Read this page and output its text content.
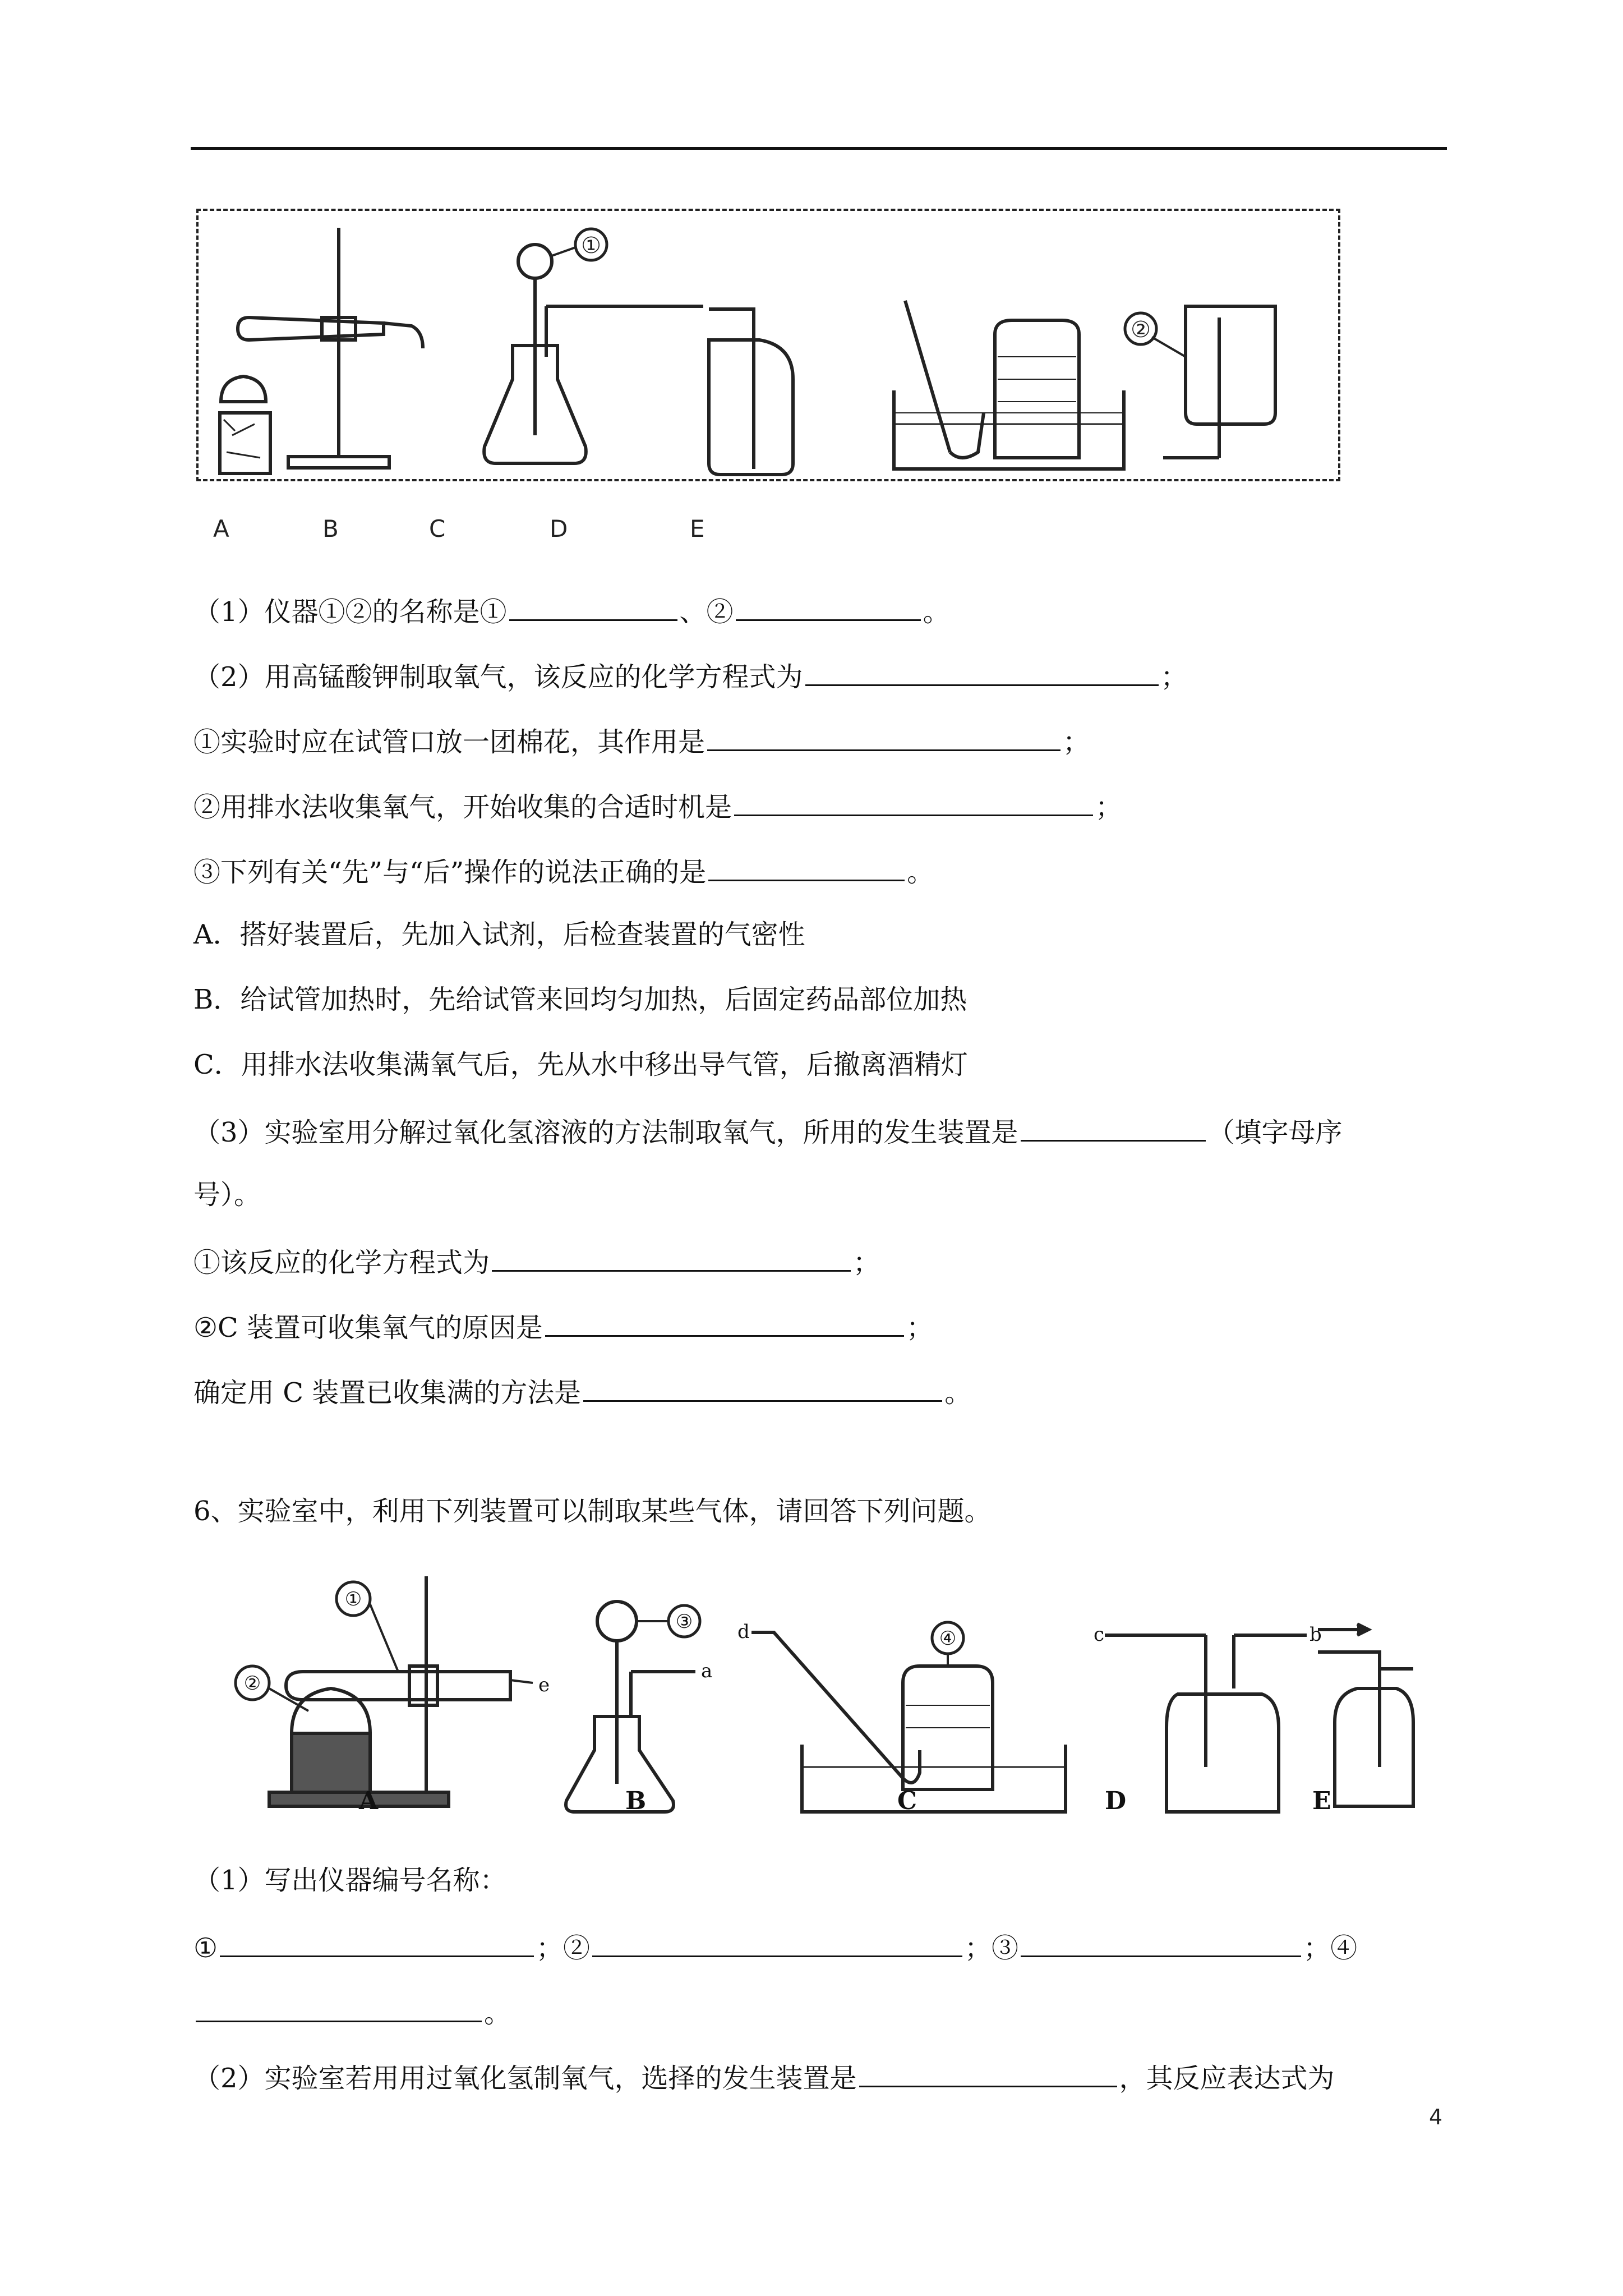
①
②
A	B	C	D	E
（1）仪器①②的名称是①	、②	。
（2）用高锰酸钾制取氧气，该反应的化学方程式为	；
①实验时应在试管口放一团棉花，其作用是	；
②用排水法收集氧气，开始收集的合适时机是	；
③下列有关“先”与“后”操作的说法正确的是	。
A．搭好装置后，先加入试剂，后检查装置的气密性
B．给试管加热时，先给试管来回均匀加热，后固定药品部位加热
C．用排水法收集满氧气后，先从水中移出导气管，后撤离酒精灯
（3）实验室用分解过氧化氢溶液的方法制取氧气，所用的发生装置是	（填字母序
号）。
①该反应的化学方程式为	；
②C 装置可收集氧气的原因是	；
确定用 C 装置已收集满的方法是	。
6、实验室中，利用下列装置可以制取某些气体，请回答下列问题。
①
②
③
④
a
b
c
d
e
A	B	C	D	E
（1）写出仪器编号名称：
①	；②	；③	；④
。
（2）实验室若用用过氧化氢制氧气，选择的发生装置是	，其反应表达式为
4
